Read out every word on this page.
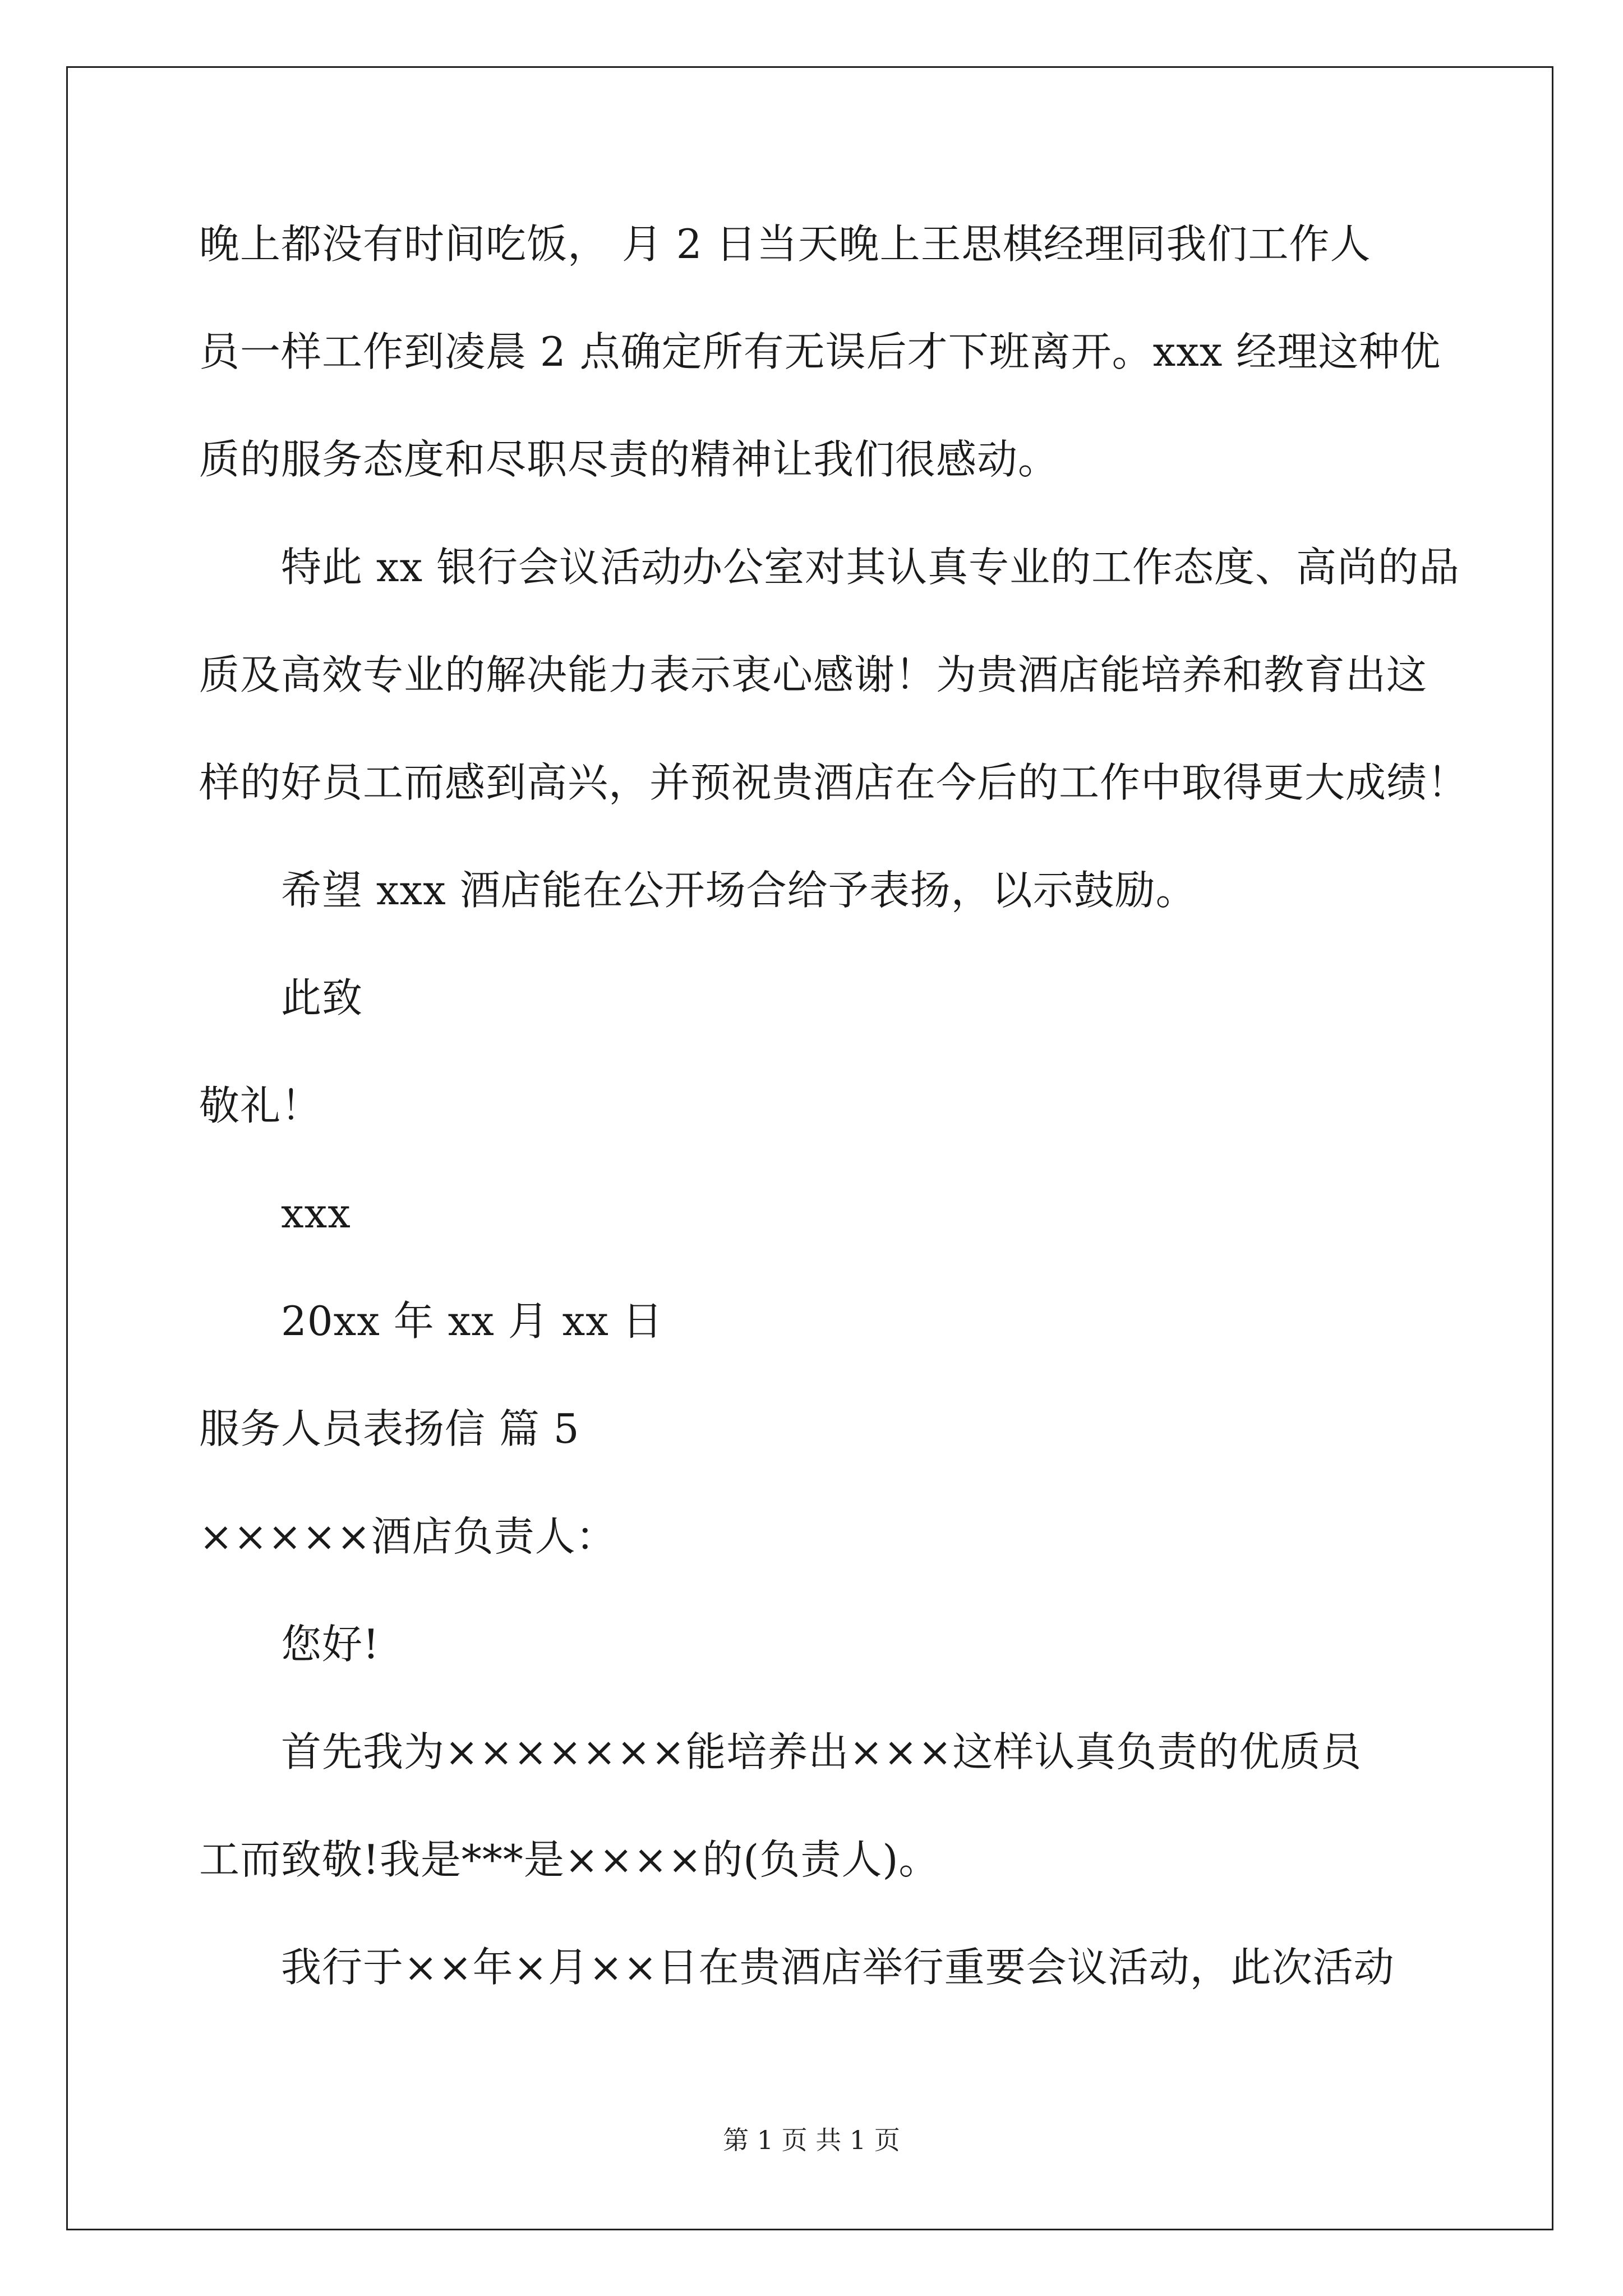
晚上都没有时间吃饭， 月 2 日当天晚上王思棋经理同我们工作人
员一样工作到凌晨 2 点确定所有无误后才下班离开。xxx 经理这种优
质的服务态度和尽职尽责的精神让我们很感动。
特此 xx 银行会议活动办公室对其认真专业的工作态度、高尚的品
质及高效专业的解决能力表示衷心感谢！为贵酒店能培养和教育出这
样的好员工而感到高兴，并预祝贵酒店在今后的工作中取得更大成绩！
希望 xxx 酒店能在公开场合给予表扬，以示鼓励。
此致
敬礼！
xxx
20xx 年 xx 月 xx 日
服务人员表扬信 篇 5
×××××酒店负责人：
您好!
首先我为×××××××能培养出×××这样认真负责的优质员
工而致敬!我是***是××××的(负责人)。
我行于××年×月××日在贵酒店举行重要会议活动，此次活动
第 1 页 共 1 页
